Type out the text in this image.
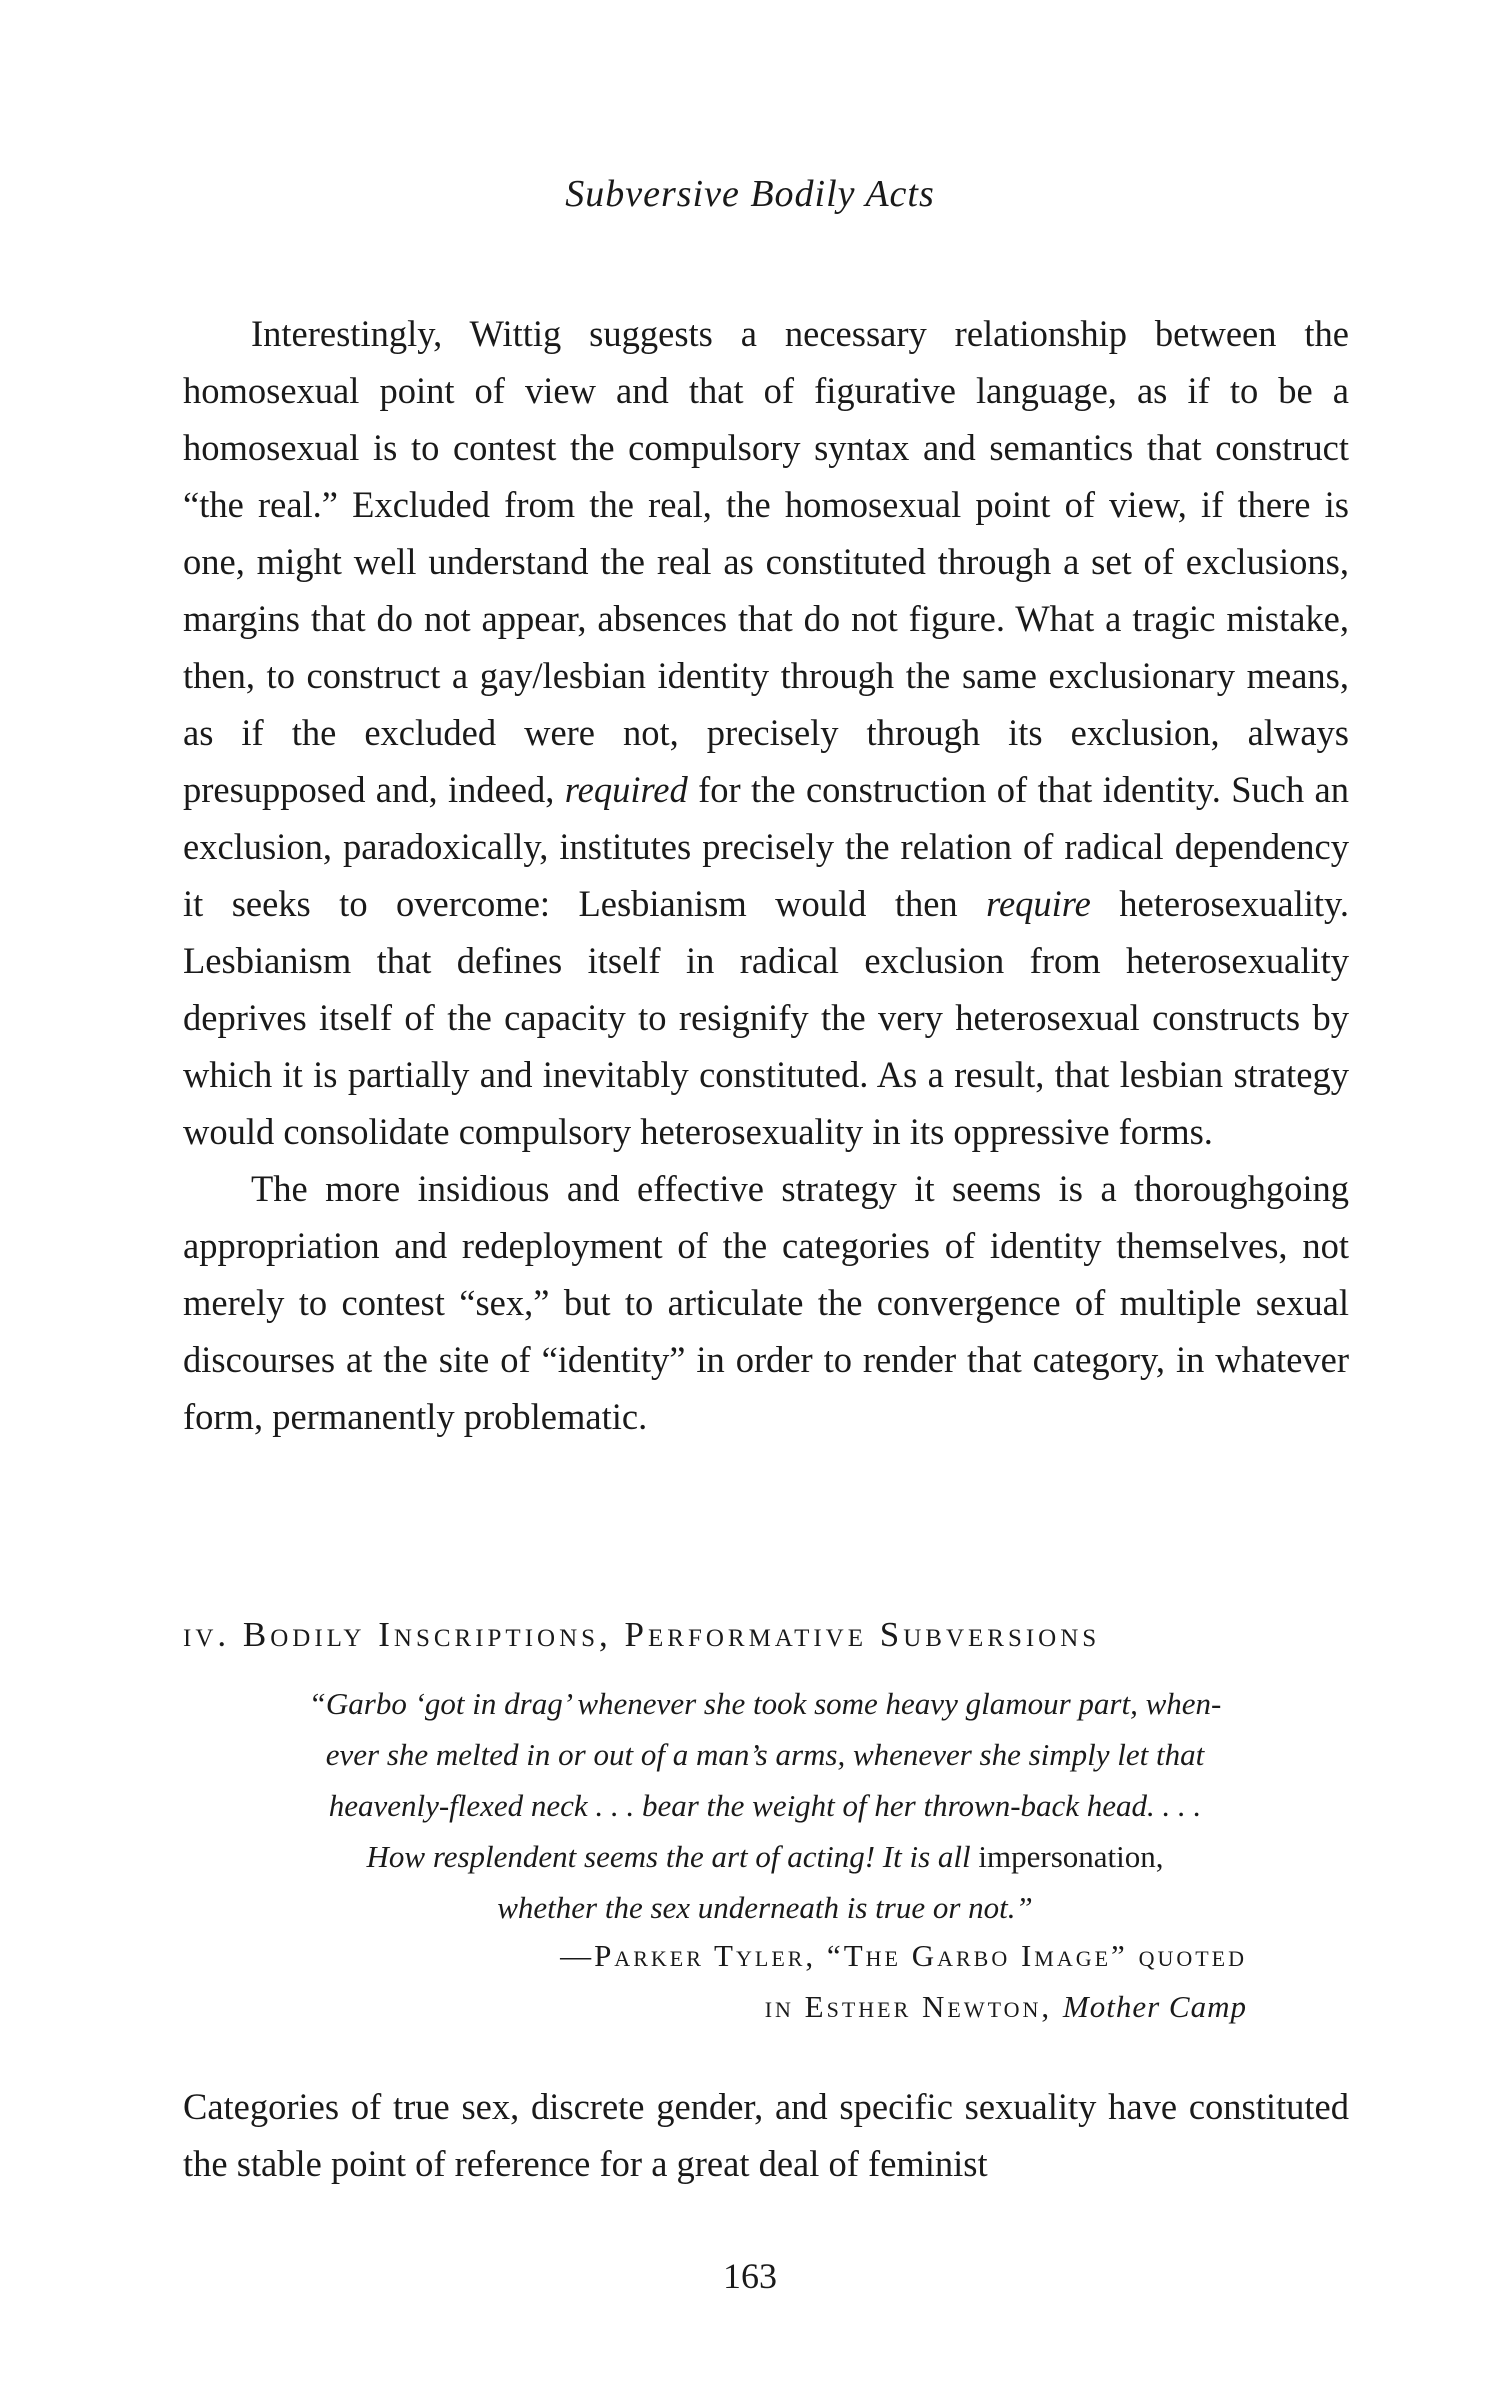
Subversive Bodily Acts

Interestingly, Wittig suggests a necessary relationship between the homosexual point of view and that of figurative language, as if to be a homosexual is to contest the compulsory syntax and semantics that construct “the real.” Excluded from the real, the homosexual point of view, if there is one, might well understand the real as constituted through a set of exclusions, margins that do not appear, absences that do not figure. What a tragic mistake, then, to construct a gay/lesbian identity through the same exclusionary means, as if the excluded were not, precisely through its exclusion, always presupposed and, indeed, required for the construction of that identity. Such an exclusion, paradoxically, institutes precisely the relation of radical dependency it seeks to overcome: Lesbianism would then require heterosexuality. Lesbianism that defines itself in radical exclusion from heterosexuality deprives itself of the capacity to resignify the very heterosexual constructs by which it is partially and inevitably constituted. As a result, that lesbian strategy would consolidate compulsory heterosexuality in its oppressive forms.

The more insidious and effective strategy it seems is a thoroughgoing appropriation and redeployment of the categories of identity themselves, not merely to contest “sex,” but to articulate the convergence of multiple sexual discourses at the site of “identity” in order to render that category, in whatever form, permanently problematic.

iv. Bodily Inscriptions, Performative Subversions
“Garbo ‘got in drag’ whenever she took some heavy glamour part, when-
ever she melted in or out of a man’s arms, whenever she simply let that
heavenly-flexed neck . . . bear the weight of her thrown-back head. . . .
How resplendent seems the art of acting! It is all impersonation,
whether the sex underneath is true or not.”
—Parker Tyler, “The Garbo Image” quoted
in Esther Newton, Mother Camp

Categories of true sex, discrete gender, and specific sexuality have constituted the stable point of reference for a great deal of feminist

163
